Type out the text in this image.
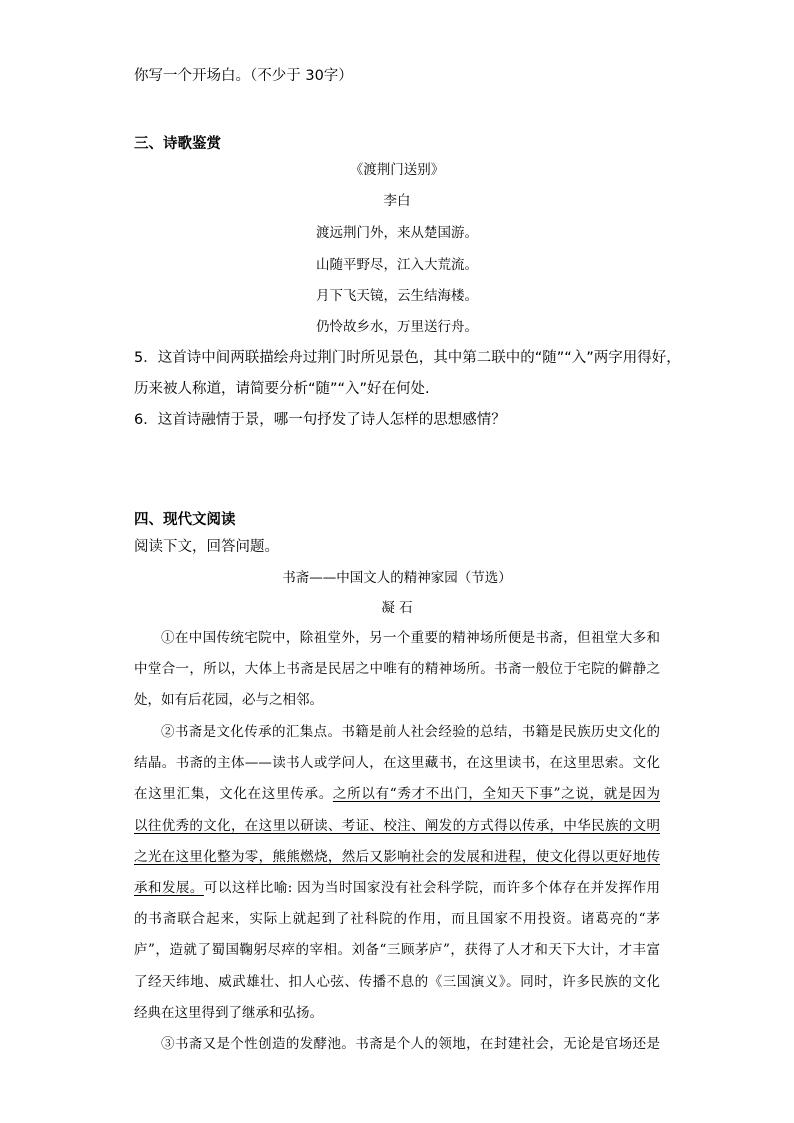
你写一个开场白。（不少于 30字）
三、诗歌鉴赏
《渡荆门送别》
李白
渡远荆门外，来从楚国游。
山随平野尽，江入大荒流。
月下飞天镜，云生结海楼。
仍怜故乡水，万里送行舟。
5．这首诗中间两联描绘舟过荆门时所见景色，其中第二联中的“随”“入”两字用得好，
历来被人称道，请简要分析“随”“入”好在何处.
6．这首诗融情于景，哪一句抒发了诗人怎样的思想感情？
四、现代文阅读
阅读下文，回答问题。
书斋——中国文人的精神家园（节选）
凝 石
①在中国传统宅院中，除祖堂外，另一个重要的精神场所便是书斋，但祖堂大多和
中堂合一，所以，大体上书斋是民居之中唯有的精神场所。书斋一般位于宅院的僻静之
处，如有后花园，必与之相邻。
②书斋是文化传承的汇集点。书籍是前人社会经验的总结，书籍是民族历史文化的
结晶。书斋的主体——读书人或学问人，在这里藏书，在这里读书，在这里思索。文化
在这里汇集，文化在这里传承。之所以有“秀才不出门，全知天下事”之说，就是因为
以往优秀的文化，在这里以研读、考证、校注、阐发的方式得以传承，中华民族的文明
之光在这里化整为零，熊熊燃烧，然后又影响社会的发展和进程，使文化得以更好地传
承和发展。可以这样比喻: 因为当时国家没有社会科学院，而许多个体存在并发挥作用
的书斋联合起来，实际上就起到了社科院的作用，而且国家不用投资。诸葛亮的“茅
庐”，造就了蜀国鞠躬尽瘁的宰相。刘备“三顾茅庐”，获得了人才和天下大计，才丰富
了经天纬地、威武雄壮、扣人心弦、传播不息的《三国演义》。同时，许多民族的文化
经典在这里得到了继承和弘扬。
③书斋又是个性创造的发酵池。书斋是个人的领地，在封建社会，无论是官场还是
